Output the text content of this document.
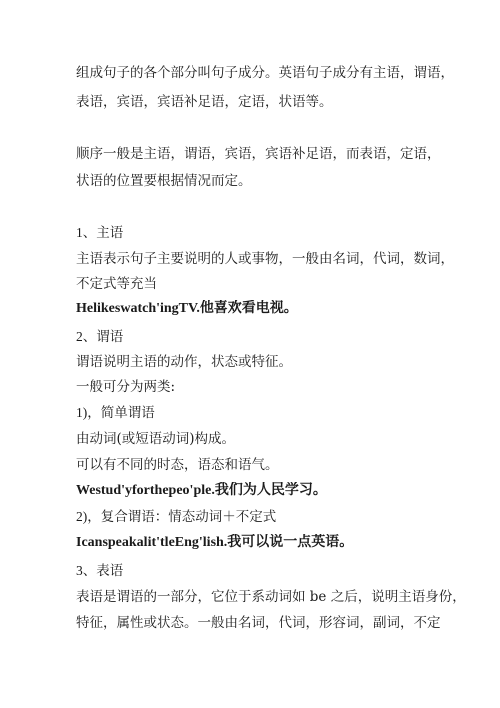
组成句子的各个部分叫句子成分。英语句子成分有主语，谓语，
表语，宾语，宾语补足语，定语，状语等。
顺序一般是主语，谓语，宾语，宾语补足语，而表语，定语，
状语的位置要根据情况而定。
1、主语
主语表示句子主要说明的人或事物，一般由名词，代词，数词，
不定式等充当
Helikeswatch'ingTV.他喜欢看电视。
2、谓语
谓语说明主语的动作，状态或特征。
一般可分为两类:
1)，简单谓语
由动词(或短语动词)构成。
可以有不同的时态，语态和语气。
Westud'yforthepeo'ple.我们为人民学习。
2)，复合谓语：情态动词＋不定式
Icanspeakalit'tleEng'lish.我可以说一点英语。
3、表语
表语是谓语的一部分，它位于系动词如 be 之后，说明主语身份，
特征，属性或状态。一般由名词，代词，形容词，副词，不定
